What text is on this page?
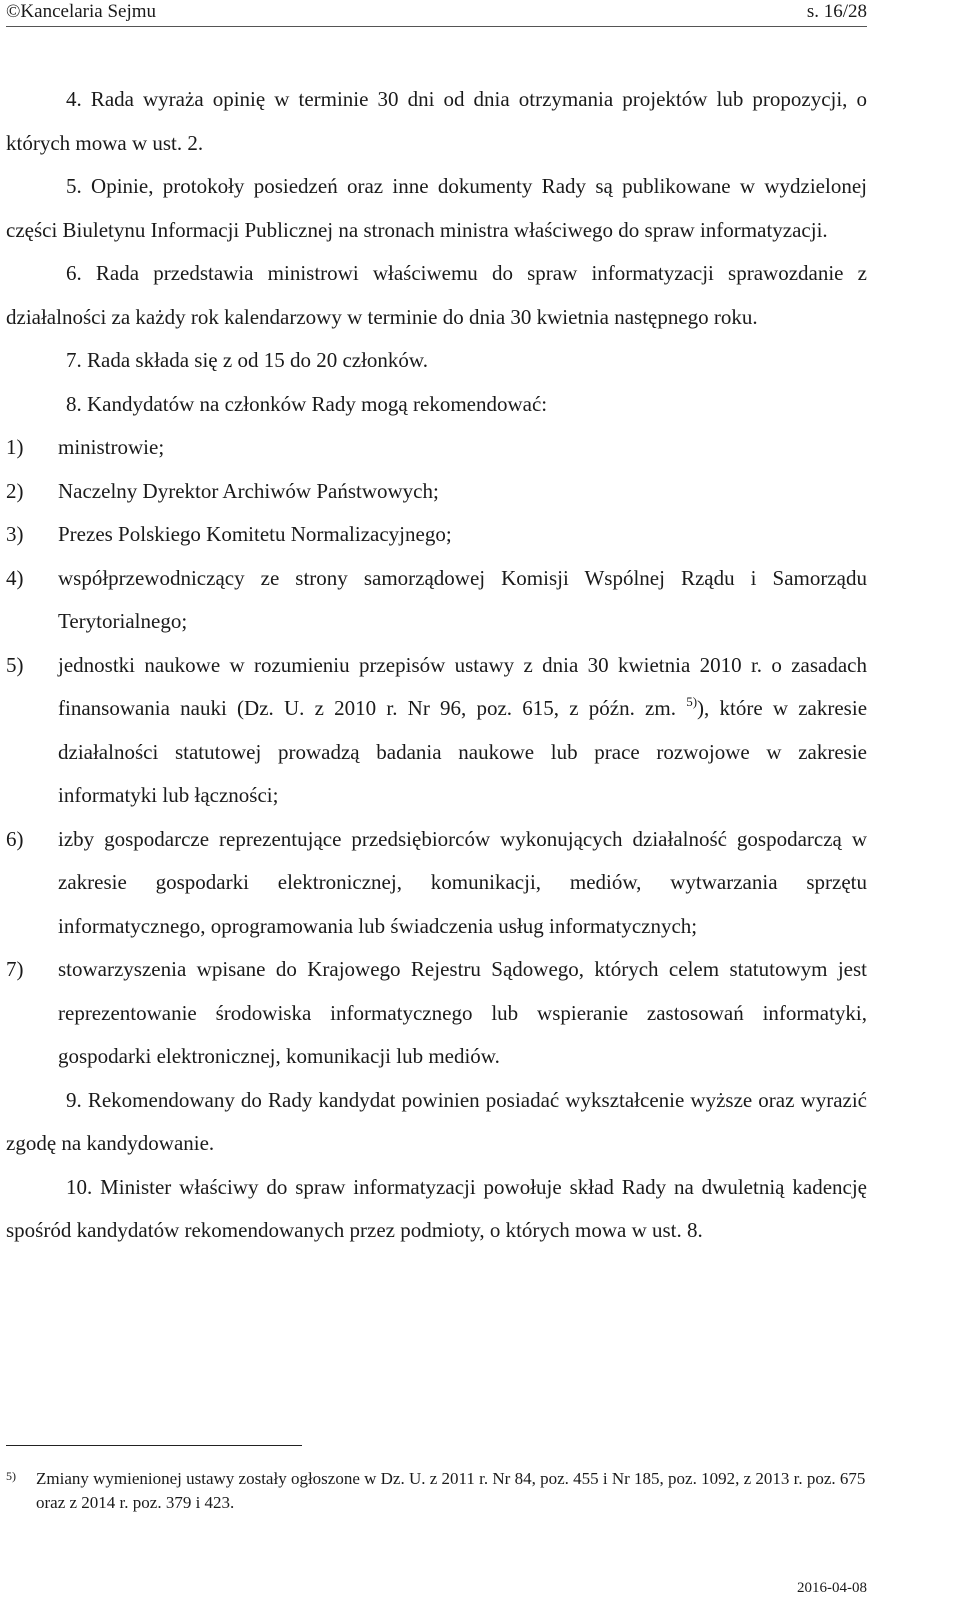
©Kancelaria Sejmu	s. 16/28

4. Rada wyraża opinię w terminie 30 dni od dnia otrzymania projektów lub propozycji, o których mowa w ust. 2.

5. Opinie, protokoły posiedzeń oraz inne dokumenty Rady są publikowane w wydzielonej części Biuletynu Informacji Publicznej na stronach ministra właściwego do spraw informatyzacji.

6. Rada przedstawia ministrowi właściwemu do spraw informatyzacji sprawozdanie z działalności za każdy rok kalendarzowy w terminie do dnia 30 kwietnia następnego roku.

7. Rada składa się z od 15 do 20 członków.

8. Kandydatów na członków Rady mogą rekomendować:

1)	ministrowie;
2)	Naczelny Dyrektor Archiwów Państwowych;
3)	Prezes Polskiego Komitetu Normalizacyjnego;
4)	współprzewodniczący ze strony samorządowej Komisji Wspólnej Rządu i Samorządu Terytorialnego;
5)	jednostki naukowe w rozumieniu przepisów ustawy z dnia 30 kwietnia 2010 r. o zasadach finansowania nauki (Dz. U. z 2010 r. Nr 96, poz. 615, z późn. zm. $^{5)}$), które w zakresie działalności statutowej prowadzą badania naukowe lub prace rozwojowe w zakresie informatyki lub łączności;
6)	izby gospodarcze reprezentujące przedsiębiorców wykonujących działalność gospodarczą w zakresie gospodarki elektronicznej, komunikacji, mediów, wytwarzania sprzętu informatycznego, oprogramowania lub świadczenia usług informatycznych;
7)	stowarzyszenia wpisane do Krajowego Rejestru Sądowego, których celem statutowym jest reprezentowanie środowiska informatycznego lub wspieranie zastosowań informatyki, gospodarki elektronicznej, komunikacji lub mediów.

9. Rekomendowany do Rady kandydat powinien posiadać wykształcenie wyższe oraz wyrazić zgodę na kandydowanie.

10. Minister właściwy do spraw informatyzacji powołuje skład Rady na dwuletnią kadencję spośród kandydatów rekomendowanych przez podmioty, o których mowa w ust. 8.

5)	Zmiany wymienionej ustawy zostały ogłoszone w Dz. U. z 2011 r. Nr 84, poz. 455 i Nr 185, poz. 1092, z 2013 r. poz. 675 oraz z 2014 r. poz. 379 i 423.
2016-04-08
